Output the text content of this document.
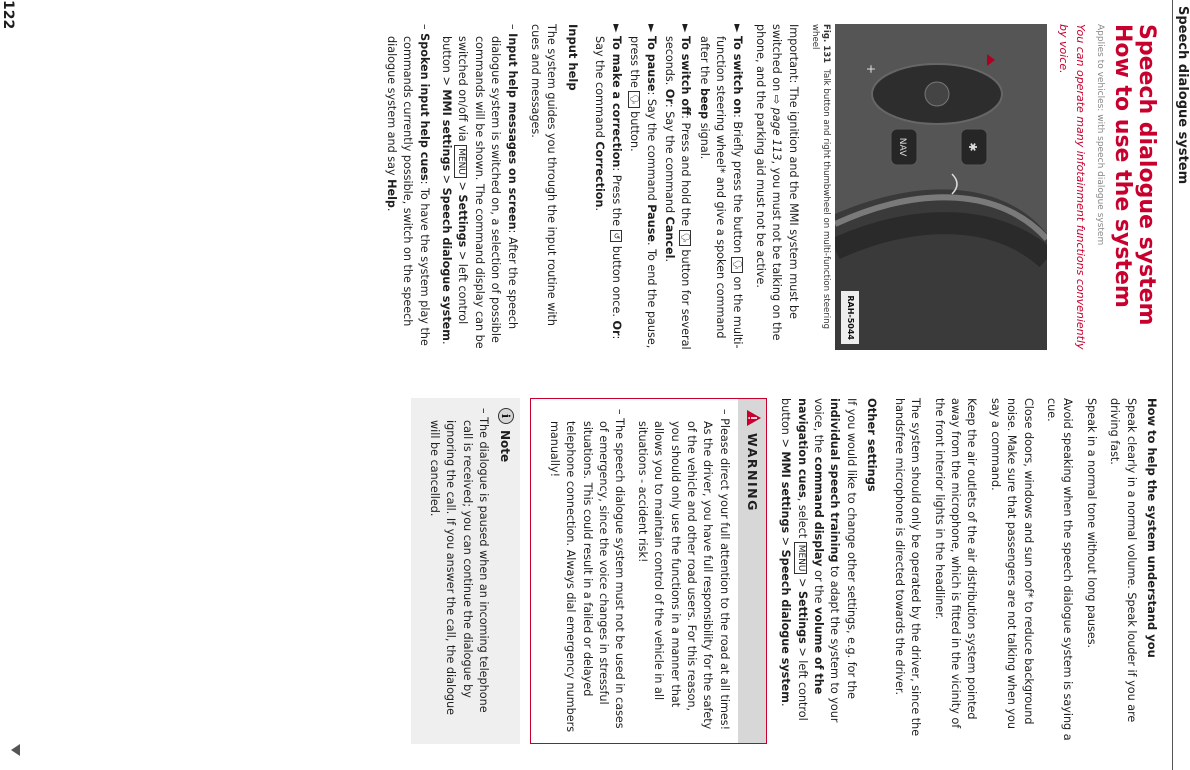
Speech dialogue system
Speech dialogue system
How to use the system
Applies to vehicles: with speech dialogue system
You can operate many infotainment functions conveniently by voice.
✱
NAV
+
RAH-5044
Fig. 131Talk button and right thumbwheel on multi-function steering wheel

Important: The ignition and the MMI system must be switched on ⇨ page 113, you must not be talking on the phone, and the parking aid must not be active.

►To switch on: Briefly press the button 🗣 on the multi-function steering wheel* and give a spoken command after the beep signal.
►To switch off: Press and hold the 🗣 button for several seconds. Or: Say the command Cancel.
►To pause: Say the command Pause. To end the pause, press the 🗣 button.
►To make a correction: Press the ↺ button once. Or: Say the command Correction.
Input help

The system guides you through the input routine with cues and messages.

– Input help messages on screen: After the speech dialogue system is switched on, a selection of possible commands will be shown. The command display can be switched on/off via MENU > Settings > left control button > MMI settings > Speech dialogue system.
– Spoken input help cues: To have the system play the commands currently possible, switch on the speech dialogue system and say Help.
How to help the system understand you

Speak clearly in a normal volume. Speak louder if you are driving fast.

Speak in a normal tone without long pauses.

Avoid speaking when the speech dialogue system is saying a cue.

Close doors, windows and sun roof* to reduce background noise. Make sure that passengers are not talking when you say a command.

Keep the air outlets of the air distribution system pointed away from the microphone, which is fitted in the vicinity of the front interior lights in the headliner.

The system should only be operated by the driver, since the handsfree microphone is directed towards the driver.

Other settings

If you would like to change other settings, e.g. for the individual speech training to adapt the system to your voice, the command display or the volume of the navigation cues, select MENU > Settings > left control button > MMI settings > Speech dialogue system.

WARNING
– Please direct your full attention to the road at all times! As the driver, you have full responsibility for the safety of the vehicle and other road users. For this reason, you should only use the functions in a manner that allows you to maintain control of the vehicle in all situations - accident risk!
– The speech dialogue system must not be used in cases of emergency, since the voice changes in stressful situations. This could result in a failed or delayed telephone connection. Always dial emergency numbers manually!
i
Note
– The dialogue is paused when an incoming telephone call is received; you can continue the dialogue by ignoring the call. If you answer the call, the dialogue will be cancelled.
122
